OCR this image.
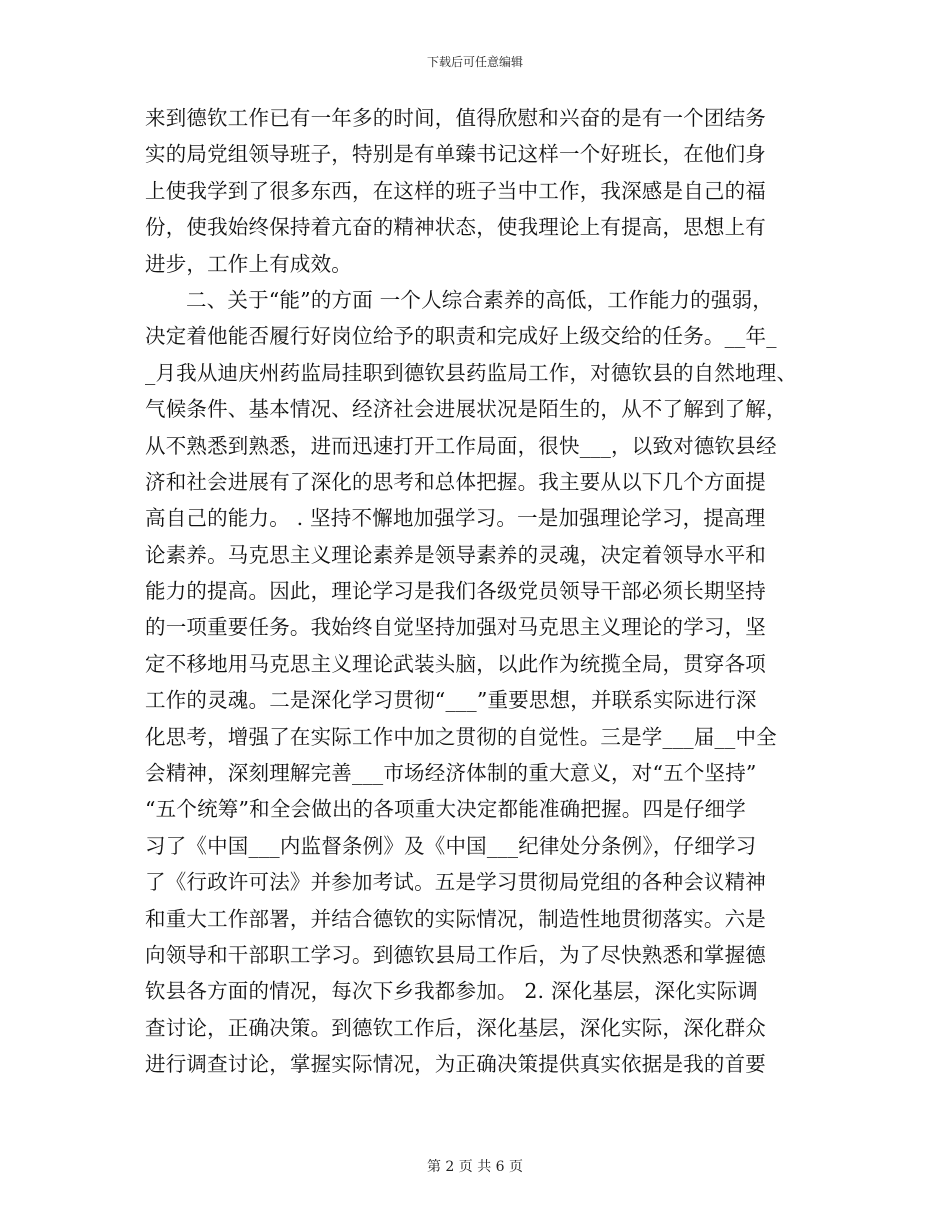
下载后可任意编辑
来到德钦工作已有一年多的时间，值得欣慰和兴奋的是有一个团结务
实的局党组领导班子，特别是有单臻书记这样一个好班长，在他们身
上使我学到了很多东西，在这样的班子当中工作，我深感是自己的福
份，使我始终保持着亢奋的精神状态，使我理论上有提高，思想上有
进步，工作上有成效。
二、关于“能”的方面 一个人综合素养的高低，工作能力的强弱，
决定着他能否履行好岗位给予的职责和完成好上级交给的任务。__年_
_月我从迪庆州药监局挂职到德钦县药监局工作，对德钦县的自然地理、
气候条件、基本情况、经济社会进展状况是陌生的，从不了解到了解，
从不熟悉到熟悉，进而迅速打开工作局面，很快___，以致对德钦县经
济和社会进展有了深化的思考和总体把握。我主要从以下几个方面提
高自己的能力。 . 坚持不懈地加强学习。一是加强理论学习，提高理
论素养。马克思主义理论素养是领导素养的灵魂，决定着领导水平和
能力的提高。因此，理论学习是我们各级党员领导干部必须长期坚持
的一项重要任务。我始终自觉坚持加强对马克思主义理论的学习，坚
定不移地用马克思主义理论武装头脑，以此作为统揽全局，贯穿各项
工作的灵魂。二是深化学习贯彻“___”重要思想，并联系实际进行深
化思考，增强了在实际工作中加之贯彻的自觉性。三是学___届__中全
会精神，深刻理解完善___市场经济体制的重大意义，对“五个坚持”
“五个统筹”和全会做出的各项重大决定都能准确把握。四是仔细学
习了《中国___内监督条例》及《中国___纪律处分条例》，仔细学习
了《行政许可法》并参加考试。五是学习贯彻局党组的各种会议精神
和重大工作部署，并结合德钦的实际情况，制造性地贯彻落实。六是
向领导和干部职工学习。到德钦县局工作后，为了尽快熟悉和掌握德
钦县各方面的情况，每次下乡我都参加。 2. 深化基层，深化实际调
查讨论，正确决策。到德钦工作后，深化基层，深化实际，深化群众
进行调查讨论，掌握实际情况，为正确决策提供真实依据是我的首要
第 2 页 共 6 页
